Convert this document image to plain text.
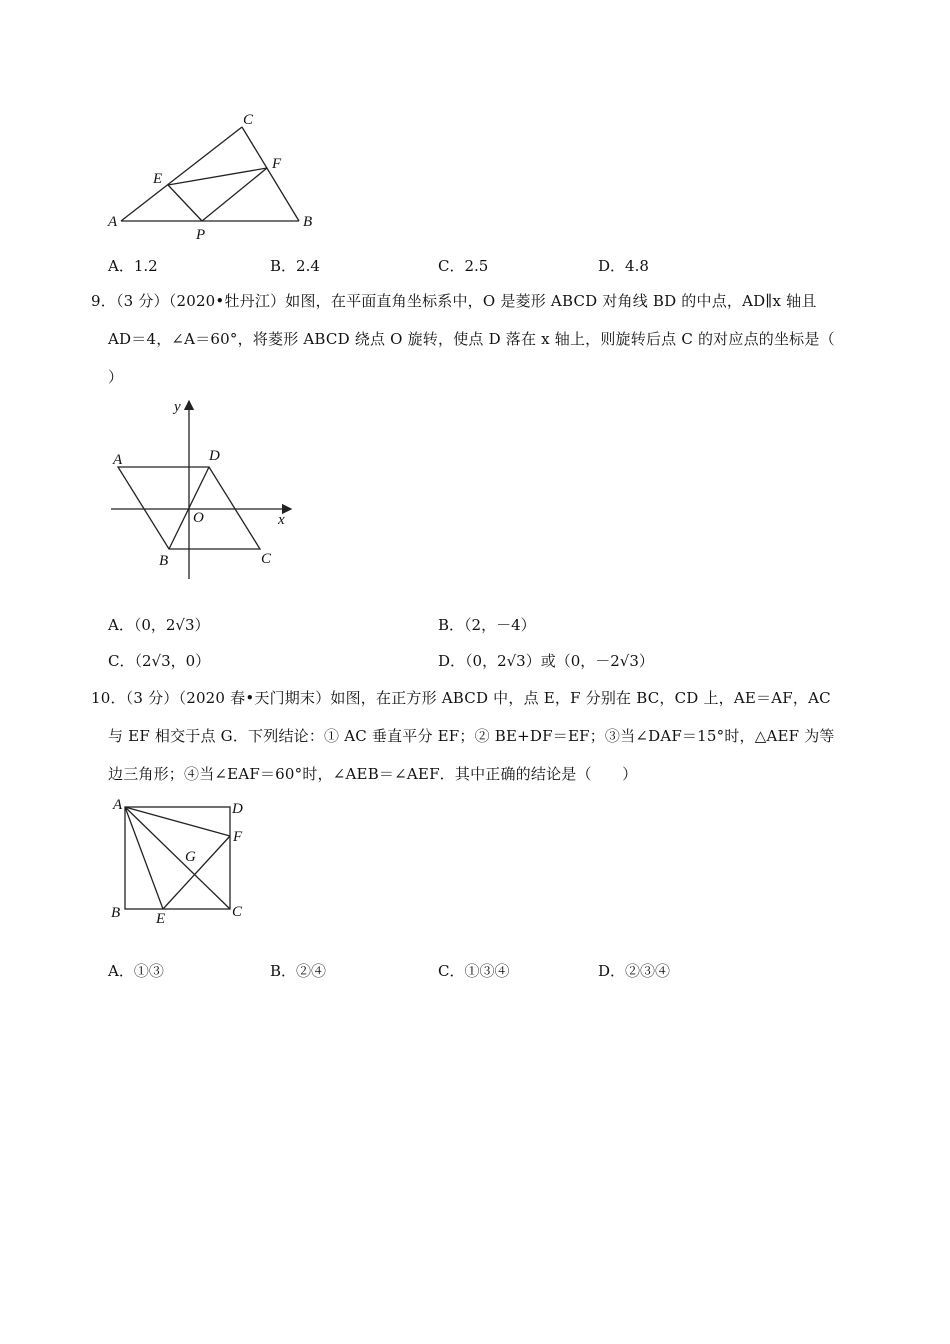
A	B
C
E
F
P
A．1.2	B．2.4	C．2.5	D．4.8
9．（3 分）（2020•牡丹江）如图，在平面直角坐标系中，O 是菱形 ABCD 对角线 BD 的中点，AD∥x 轴且
AD＝4，∠A＝60°，将菱形 ABCD 绕点 O 旋转，使点 D 落在 x 轴上，则旋转后点 C 的对应点的坐标是（
）
y
x
A	D
O
B	C
A．（0，2√3）	B．（2，－4）
C．（2√3，0）	D．（0，2√3）或（0，－2√3）
10．（3 分）（2020 春•天门期末）如图，在正方形 ABCD 中，点 E，F 分别在 BC，CD 上，AE＝AF，AC
与 EF 相交于点 G．下列结论：① AC 垂直平分 EF；② BE+DF＝EF；③当∠DAF＝15°时，△AEF 为等
边三角形；④当∠EAF＝60°时，∠AEB＝∠AEF．其中正确的结论是（　　）
A	D
F
G
B E	C
A．①③	B．②④	C．①③④	D．②③④
